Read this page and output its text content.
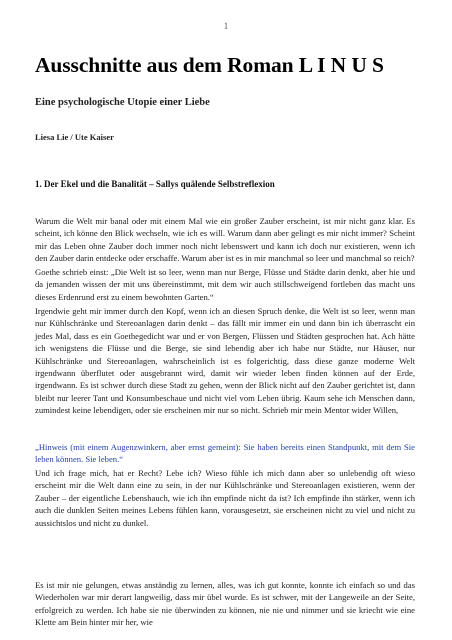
1
Ausschnitte aus dem Roman L I N U S
Eine psychologische Utopie einer Liebe

Liesa Lie / Ute Kaiser

1. Der Ekel und die Banalität – Sallys quälende Selbstreflexion

Warum die Welt mir banal oder mit einem Mal wie ein großer Zauber erscheint, ist mir nicht ganz klar. Es scheint, ich könne den Blick wechseln, wie ich es will. Warum dann aber gelingt es mir nicht immer? Scheint mir das Leben ohne Zauber doch immer noch nicht lebenswert und kann ich doch nur existieren, wenn ich den Zauber darin entdecke oder erschaffe. Warum aber ist es in mir manchmal so leer und manchmal so reich?

Goethe schrieb einst: „Die Welt ist so leer, wenn man nur Berge, Flüsse und Städte darin denkt, aber hie und da jemanden wissen der mit uns übereinstimmt, mit dem wir auch stillschweigend fortleben das macht uns dieses Erdenrund erst zu einem bewohnten Garten.“

Irgendwie geht mir immer durch den Kopf, wenn ich an diesen Spruch denke, die Welt ist so leer, wenn man nur Kühlschränke und Stereoanlagen darin denkt – das fällt mir immer ein und dann bin ich überrascht ein jedes Mal, dass es ein Goethegedicht war und er von Bergen, Flüssen und Städten gesprochen hat. Ach hätte ich wenigstens die Flüsse und die Berge, sie sind lebendig aber ich habe nur Städte, nur Häuser, nur Kühlschränke und Stereoanlagen, wahrscheinlich ist es folgerichtig, dass diese ganze moderne Welt irgendwann überflutet oder ausgebrannt wird, damit wir wieder leben finden können auf der Erde, irgendwann. Es ist schwer durch diese Stadt zu gehen, wenn der Blick nicht auf den Zauber gerichtet ist, dann bleibt nur leerer Tant und Konsumbeschaue und nicht viel vom Leben übrig. Kaum sehe ich Menschen dann, zumindest keine lebendigen, oder sie erscheinen mir nur so nicht. Schrieb mir mein Mentor wider Willen,

„Hinweis (mit einem Augenzwinkern, aber ernst gemeint): Sie haben bereits einen Standpunkt, mit dem Sie leben können. Sie leben.“

Und ich frage mich, hat er Recht? Lebe ich? Wieso fühle ich mich dann aber so unlebendig oft wieso erscheint mir die Welt dann eine zu sein, in der nur Kühlschränke und Stereoanlagen existieren, wenn der Zauber – der eigentliche Lebenshauch, wie ich ihn empfinde nicht da ist? Ich empfinde ihn stärker, wenn ich auch die dunklen Seiten meines Lebens fühlen kann, vorausgesetzt, sie erscheinen nicht zu viel und nicht zu aussichtslos und nicht zu dunkel.

Es ist mir nie gelungen, etwas anständig zu lernen, alles, was ich gut konnte, konnte ich einfach so und das Wiederholen war mir derart langweilig, dass mir übel wurde. Es ist schwer, mit der Langeweile an der Seite, erfolgreich zu werden. Ich habe sie nie überwinden zu können, nie nie und nimmer und sie kriecht wie eine Klette am Bein hinter mir her, wie
